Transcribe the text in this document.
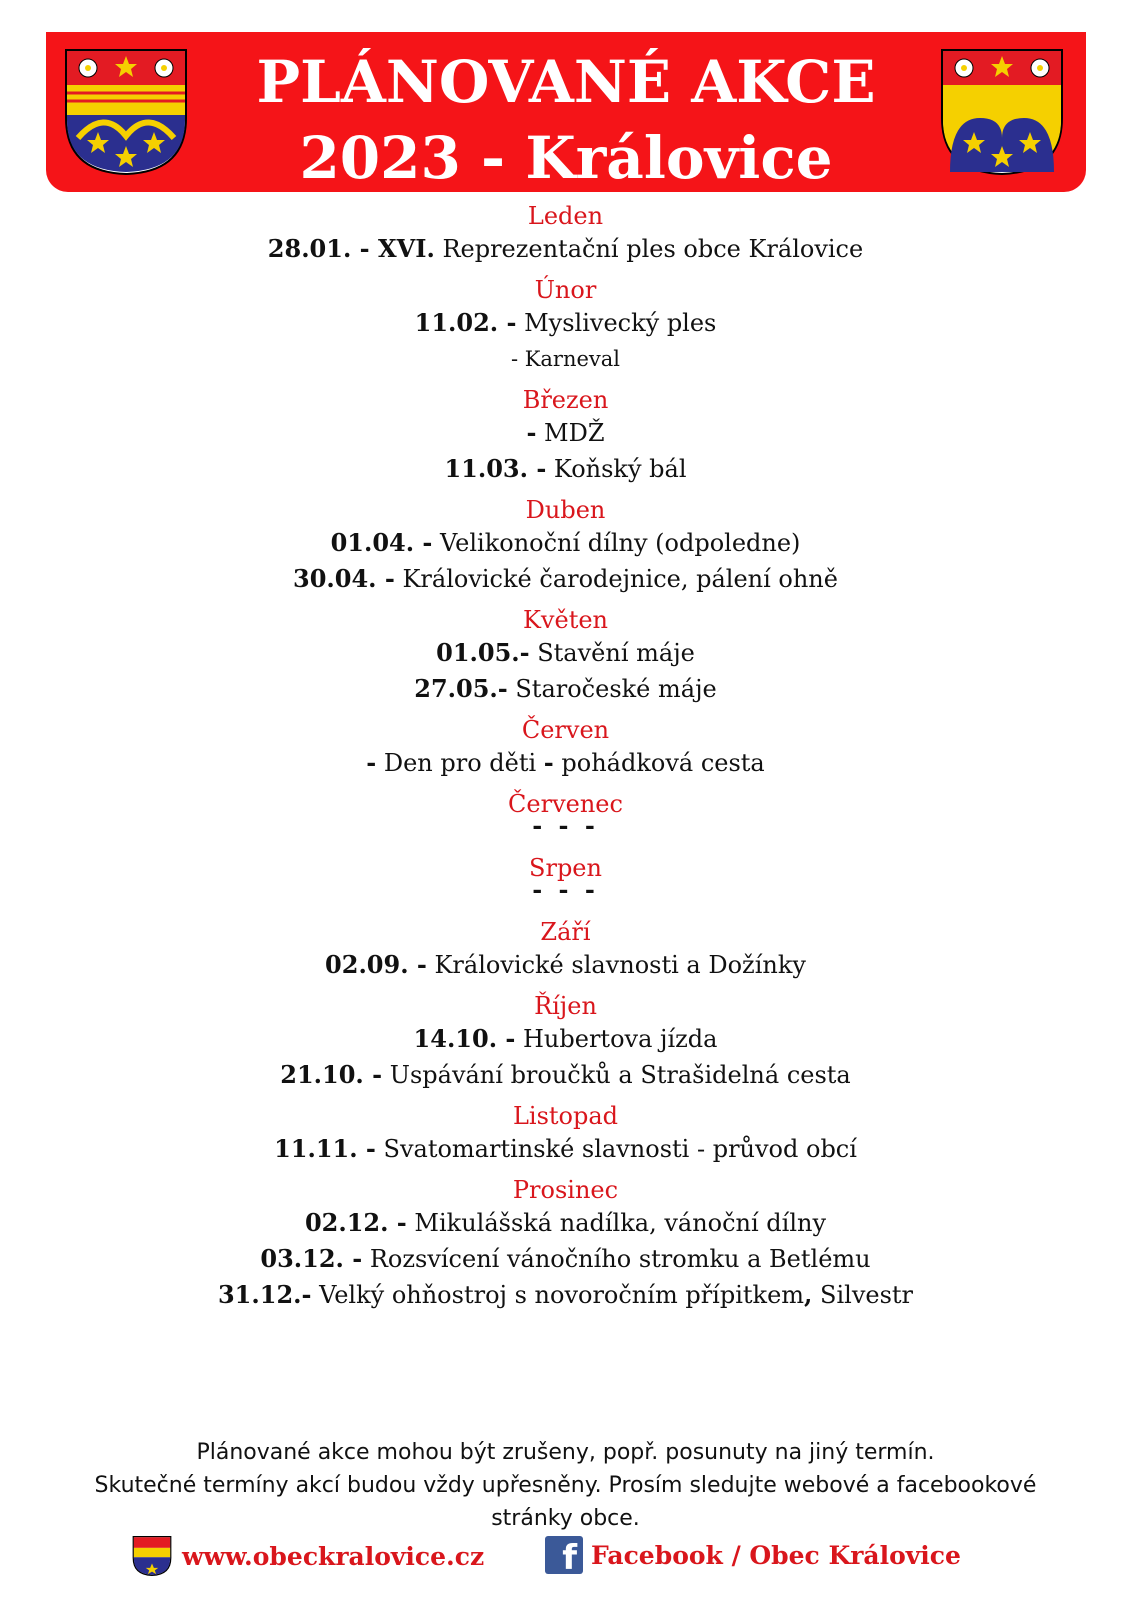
PLÁNOVANÉ AKCE
2023 - Královice
Leden
28.01. - XVI. Reprezentační ples obce Královice
Únor
11.02. - Myslivecký ples
- Karneval
Březen
- MDŽ
11.03. - Koňský bál
Duben
01.04. - Velikonoční dílny (odpoledne)
30.04. - Královické čarodejnice, pálení ohně
Květen
01.05.- Stavění máje
27.05.- Staročeské máje
Červen
- Den pro děti - pohádková cesta
Červenec
- - -
Srpen
- - -
Září
02.09. - Královické slavnosti a Dožínky
Říjen
14.10. - Hubertova jízda
21.10. - Uspávání broučků a Strašidelná cesta
Listopad
11.11. - Svatomartinské slavnosti - průvod obcí
Prosinec
02.12. - Mikulášská nadílka, vánoční dílny
03.12. - Rozsvícení vánočního stromku a Betlému
31.12.- Velký ohňostroj s novoročním přípitkem, Silvestr
Plánované akce mohou být zrušeny, popř. posunuty na jiný termín.
Skutečné termíny akcí budou vždy upřesněny. Prosím sledujte webové a facebookové stránky obce.
www.obeckralovice.cz	f Facebook / Obec Královice
